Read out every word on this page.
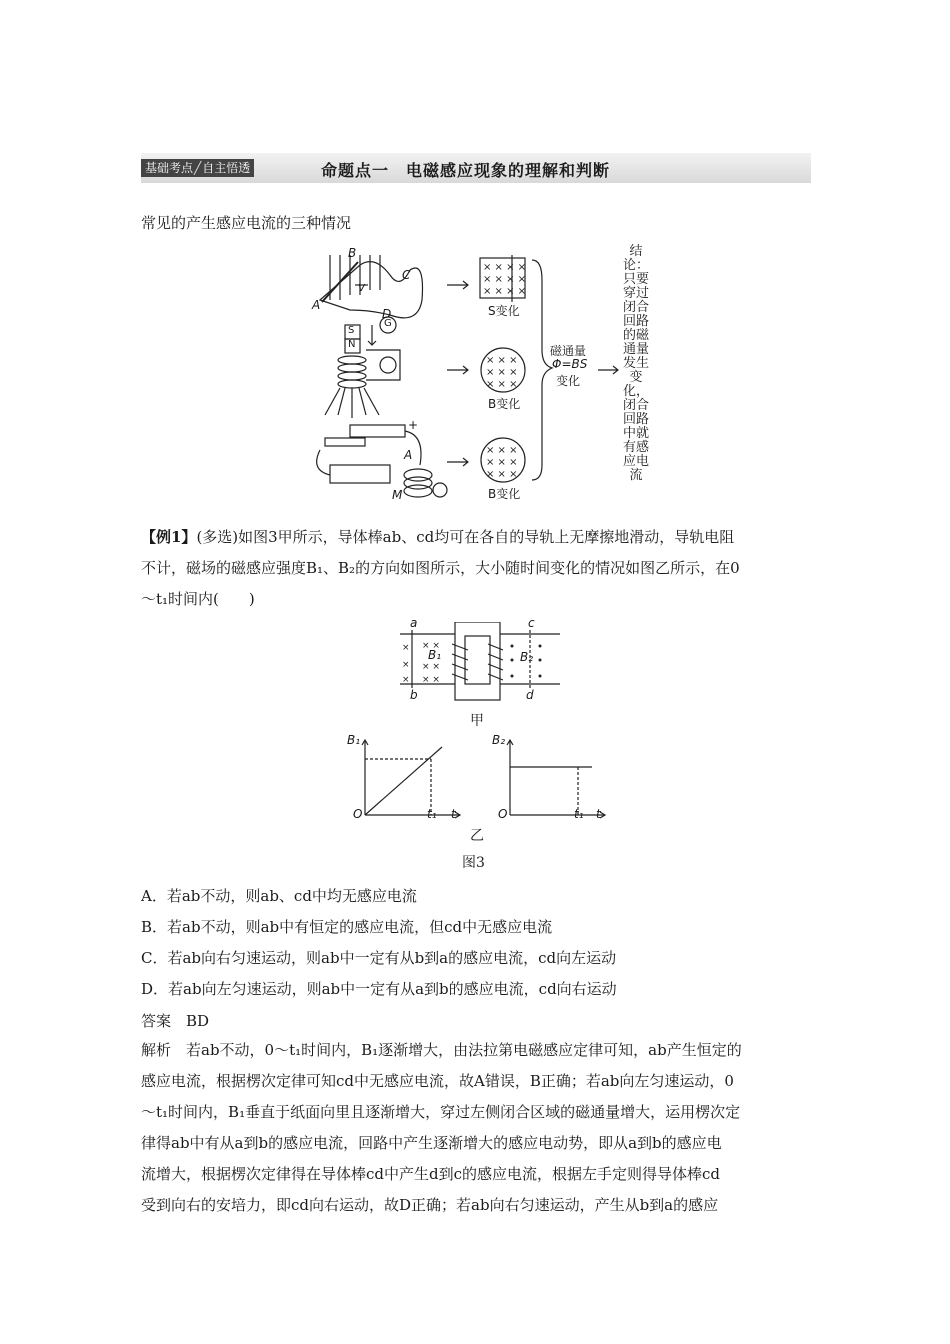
基础考点╱自主悟透	命题点一　电磁感应现象的理解和判断
常见的产生感应电流的三种情况
× × × ×
× × × ×
× × × ×
× × ×
× × ×
× × ×
× × ×
× × ×
× × ×
B
C
A
D
v
G
S
N
A
M
+
S变化
B变化
B变化
磁通量
Φ=BS
变化
结论：只要穿过闭合回路的磁通量发生变化，闭合回路中就有感应电流
【例1】(多选)如图3甲所示，导体棒ab、cd均可在各自的导轨上无摩擦地滑动，导轨电阻
不计，磁场的磁感应强度B₁、B₂的方向如图所示，大小随时间变化的情况如图乙所示，在0
～t₁时间内(　　)
× × ×
× × ×
× × ×
a
b
c
d
B₁	B₂
甲
B₁
O	t₁ t
B₂
O	t₁ t
乙
图3
A．若ab不动，则ab、cd中均无感应电流
B．若ab不动，则ab中有恒定的感应电流，但cd中无感应电流
C．若ab向右匀速运动，则ab中一定有从b到a的感应电流，cd向左运动
D．若ab向左匀速运动，则ab中一定有从a到b的感应电流，cd向右运动
答案　BD
解析　若ab不动，0～t₁时间内，B₁逐渐增大，由法拉第电磁感应定律可知，ab产生恒定的
感应电流，根据楞次定律可知cd中无感应电流，故A错误，B正确；若ab向左匀速运动，0
～t₁时间内，B₁垂直于纸面向里且逐渐增大，穿过左侧闭合区域的磁通量增大，运用楞次定
律得ab中有从a到b的感应电流，回路中产生逐渐增大的感应电动势，即从a到b的感应电
流增大，根据楞次定律得在导体棒cd中产生d到c的感应电流，根据左手定则得导体棒cd
受到向右的安培力，即cd向右运动，故D正确；若ab向右匀速运动，产生从b到a的感应
